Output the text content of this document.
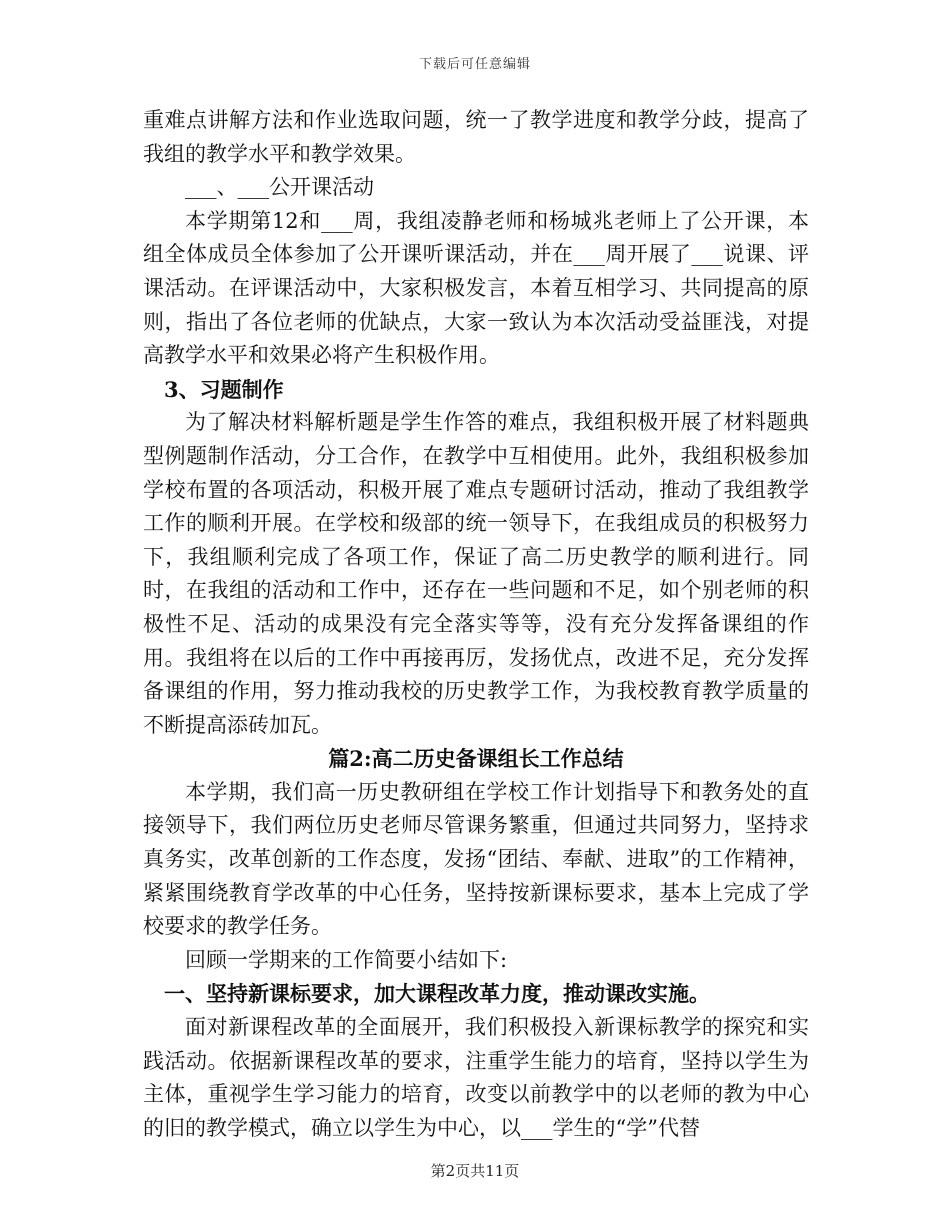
下载后可任意编辑

重难点讲解方法和作业选取问题，统一了教学进度和教学分歧，提高了我组的教学水平和教学效果。

___、___公开课活动

本学期第12和___周，我组凌静老师和杨城兆老师上了公开课，本组全体成员全体参加了公开课听课活动，并在___周开展了___说课、评课活动。在评课活动中，大家积极发言，本着互相学习、共同提高的原则，指出了各位老师的优缺点，大家一致认为本次活动受益匪浅，对提高教学水平和效果必将产生积极作用。

3、习题制作

为了解决材料解析题是学生作答的难点，我组积极开展了材料题典型例题制作活动，分工合作，在教学中互相使用。此外，我组积极参加学校布置的各项活动，积极开展了难点专题研讨活动，推动了我组教学工作的顺利开展。在学校和级部的统一领导下，在我组成员的积极努力下，我组顺利完成了各项工作，保证了高二历史教学的顺利进行。同时，在我组的活动和工作中，还存在一些问题和不足，如个别老师的积极性不足、活动的成果没有完全落实等等，没有充分发挥备课组的作用。我组将在以后的工作中再接再厉，发扬优点，改进不足，充分发挥备课组的作用，努力推动我校的历史教学工作，为我校教育教学质量的不断提高添砖加瓦。

篇2:高二历史备课组长工作总结

本学期，我们高一历史教研组在学校工作计划指导下和教务处的直接领导下，我们两位历史老师尽管课务繁重，但通过共同努力，坚持求真务实，改革创新的工作态度，发扬“团结、奉献、进取”的工作精神，紧紧围绕教育学改革的中心任务，坚持按新课标要求，基本上完成了学校要求的教学任务。

回顾一学期来的工作简要小结如下:

一、坚持新课标要求，加大课程改革力度，推动课改实施。

面对新课程改革的全面展开，我们积极投入新课标教学的探究和实践活动。依据新课程改革的要求，注重学生能力的培育，坚持以学生为主体，重视学生学习能力的培育，改变以前教学中的以老师的教为中心的旧的教学模式，确立以学生为中心，以___学生的“学”代替

第2页共11页
